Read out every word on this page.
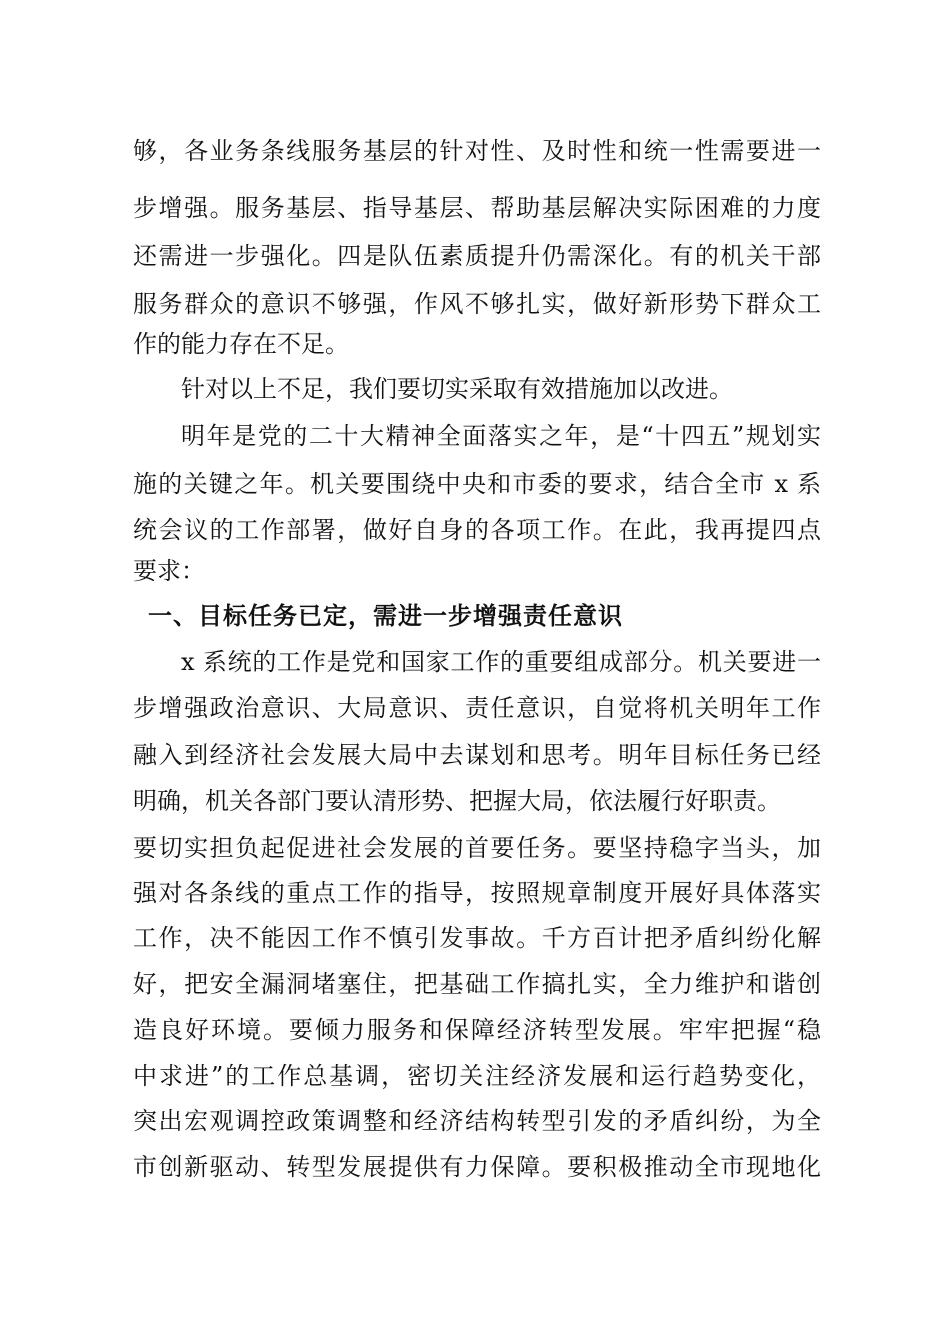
够，各业务条线服务基层的针对性、及时性和统一性需要进一
步增强。服务基层、指导基层、帮助基层解决实际困难的力度
还需进一步强化。四是队伍素质提升仍需深化。有的机关干部
服务群众的意识不够强，作风不够扎实，做好新形势下群众工
作的能力存在不足。
针对以上不足，我们要切实采取有效措施加以改进。
明年是党的二十大精神全面落实之年，是“十四五”规划实
施的关键之年。机关要围绕中央和市委的要求，结合全市 x 系
统会议的工作部署，做好自身的各项工作。在此，我再提四点
要求：
一、目标任务已定，需进一步增强责任意识
x 系统的工作是党和国家工作的重要组成部分。机关要进一
步增强政治意识、大局意识、责任意识，自觉将机关明年工作
融入到经济社会发展大局中去谋划和思考。明年目标任务已经
明确，机关各部门要认清形势、把握大局，依法履行好职责。
要切实担负起促进社会发展的首要任务。要坚持稳字当头，加
强对各条线的重点工作的指导，按照规章制度开展好具体落实
工作，决不能因工作不慎引发事故。千方百计把矛盾纠纷化解
好，把安全漏洞堵塞住，把基础工作搞扎实，全力维护和谐创
造良好环境。要倾力服务和保障经济转型发展。牢牢把握“稳
中求进”的工作总基调，密切关注经济发展和运行趋势变化，
突出宏观调控政策调整和经济结构转型引发的矛盾纠纷，为全
市创新驱动、转型发展提供有力保障。要积极推动全市现地化
